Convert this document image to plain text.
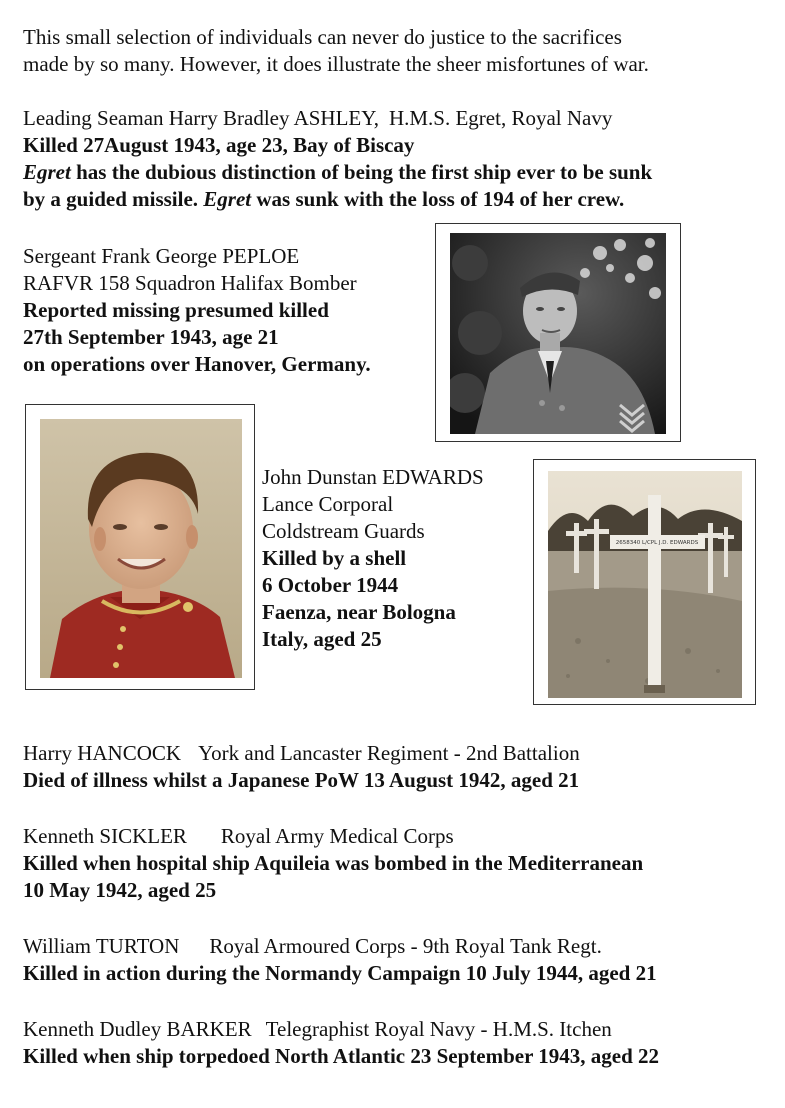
This small selection of individuals can never do justice to the sacrifices
made by so many. However, it does illustrate the sheer misfortunes of war.
Leading Seaman Harry Bradley ASHLEY, H.M.S. Egret, Royal Navy
Killed 27August 1943, age 23, Bay of Biscay
Egret has the dubious distinction of being the first ship ever to be sunk
by a guided missile. Egret was sunk with the loss of 194 of her crew.
Sergeant Frank George PEPLOE
RAFVR 158 Squadron Halifax Bomber
Reported missing presumed killed
27th September 1943, age 21
on operations over Hanover, Germany.
John Dunstan EDWARDS
Lance Corporal
Coldstream Guards
Killed by a shell
6 October 1944
Faenza, near Bologna
Italy, aged 25
2658340 L/CPL J.D. EDWARDS
Harry HANCOCK York and Lancaster Regiment - 2nd Battalion
Died of illness whilst a Japanese PoW 13 August 1942, aged 21
Kenneth SICKLER Royal Army Medical Corps
Killed when hospital ship Aquileia was bombed in the Mediterranean
10 May 1942, aged 25
William TURTON Royal Armoured Corps - 9th Royal Tank Regt.
Killed in action during the Normandy Campaign 10 July 1944, aged 21
Kenneth Dudley BARKER Telegraphist Royal Navy - H.M.S. Itchen
Killed when ship torpedoed North Atlantic 23 September 1943, aged 22
